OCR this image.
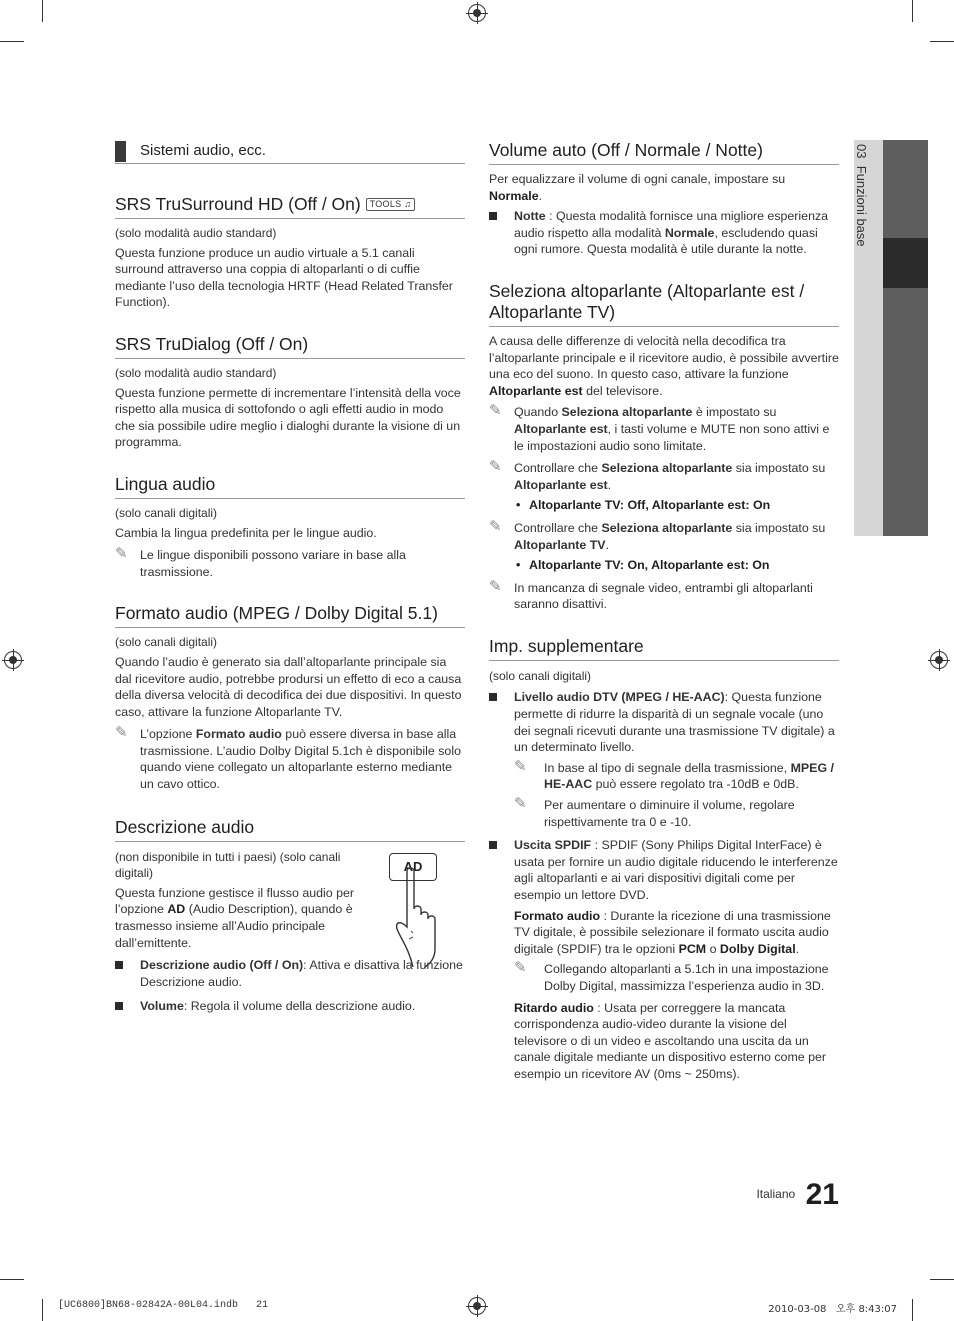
03  Funzioni base
Sistemi audio, ecc.
SRS TruSurround HD (Off / On) TOOLS ♫

(solo modalità audio standard)

Questa funzione produce un audio virtuale a 5.1 canali surround attraverso una coppia di altoparlanti o di cuffie mediante l’uso della tecnologia HRTF (Head Related Transfer Function).

SRS TruDialog (Off / On)

(solo modalità audio standard)

Questa funzione permette di incrementare l’intensità della voce rispetto alla musica di sottofondo o agli effetti audio in modo che sia possibile udire meglio i dialoghi durante la visione di un programma.

Lingua audio

(solo canali digitali)

Cambia la lingua predefinita per le lingue audio.

✎ Le lingue disponibili possono variare in base alla trasmissione.
Formato audio (MPEG / Dolby Digital 5.1)

(solo canali digitali)

Quando l’audio è generato sia dall’altoparlante principale sia dal ricevitore audio, potrebbe prodursi un effetto di eco a causa della diversa velocità di decodifica dei due dispositivi. In questo caso, attivare la funzione Altoparlante TV.

✎ L’opzione Formato audio può essere diversa in base alla trasmissione. L’audio Dolby Digital 5.1ch è disponibile solo quando viene collegato un altoparlante esterno mediante un cavo ottico.
Descrizione audio

(non disponibile in tutti i paesi) (solo canali digitali)

Questa funzione gestisce il flusso audio per l’opzione AD (Audio Description), quando è trasmesso insieme all’Audio principale dall’emittente.

AD
Descrizione audio (Off / On): Attiva e disattiva la funzione Descrizione audio.
Volume: Regola il volume della descrizione audio.
Volume auto (Off / Normale / Notte)

Per equalizzare il volume di ogni canale, impostare su Normale.

Notte : Questa modalità fornisce una migliore esperienza audio rispetto alla modalità Normale, escludendo quasi ogni rumore. Questa modalità è utile durante la notte.
Seleziona altoparlante (Altoparlante est / Altoparlante TV)

A causa delle differenze di velocità nella decodifica tra l’altoparlante principale e il ricevitore audio, è possibile avvertire una eco del suono. In questo caso, attivare la funzione Altoparlante est del televisore.

✎ Quando Seleziona altoparlante è impostato su Altoparlante est, i tasti volume e MUTE non sono attivi e le impostazioni audio sono limitate.
✎ Controllare che Seleziona altoparlante sia impostato su Altoparlante est.
• Altoparlante TV: Off, Altoparlante est: On
✎ Controllare che Seleziona altoparlante sia impostato su Altoparlante TV.
• Altoparlante TV: On, Altoparlante est: On
✎ In mancanza di segnale video, entrambi gli altoparlanti saranno disattivi.
Imp. supplementare

(solo canali digitali)

Livello audio DTV (MPEG / HE-AAC): Questa funzione permette di ridurre la disparità di un segnale vocale (uno dei segnali ricevuti durante una trasmissione TV digitale) a un determinato livello.
✎ In base al tipo di segnale della trasmissione, MPEG / HE-AAC può essere regolato tra -10dB e 0dB.
✎ Per aumentare o diminuire il volume, regolare rispettivamente tra 0 e -10.
Uscita SPDIF : SPDIF (Sony Philips Digital InterFace) è usata per fornire un audio digitale riducendo le interferenze agli altoparlanti e ai vari dispositivi digitali come per esempio un lettore DVD.

Formato audio : Durante la ricezione di una trasmissione TV digitale, è possibile selezionare il formato uscita audio digitale (SPDIF) tra le opzioni PCM o Dolby Digital.

✎ Collegando altoparlanti a 5.1ch in una impostazione Dolby Digital, massimizza l’esperienza audio in 3D.

Ritardo audio : Usata per correggere la mancata corrispondenza audio-video durante la visione del televisore o di un video e ascoltando una uscita da un canale digitale mediante un dispositivo esterno come per esempio un ricevitore AV (0ms ~ 250ms).

$^{Italiano}$ 21
[UC6800]BN68-02842A-00L04.indb   21	2010-03-08   오후 8:43:07
